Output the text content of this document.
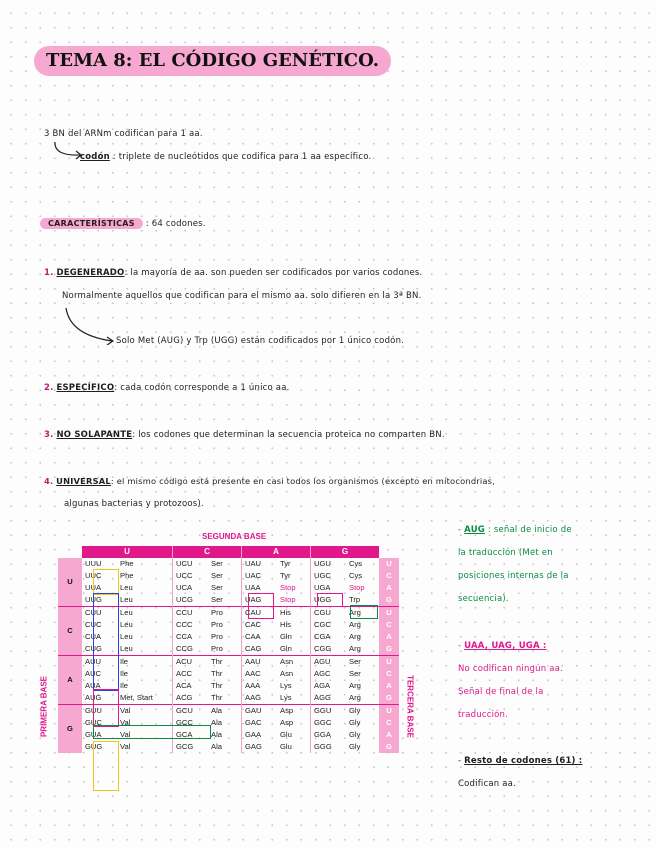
TEMA 8: EL CÓDIGO GENÉTICO.
3 BN del ARNm codifican para 1 aa.
codón : triplete de nucleótidos que codifica para 1 aa específico.
CARACTERÍSTICAS : 64 codones.
1. DEGENERADO: la mayoría de aa. son pueden ser codificados por varios codones.
Normalmente aquellos que codifican para el mismo aa. solo difieren en la 3ª BN.
Solo Met (AUG) y Trp (UGG) están codificados por 1 único codón.
2. ESPECÍFICO: cada codón corresponde a 1 único aa.
3. NO SOLAPANTE: los codones que determinan la secuencia proteica no comparten BN.
4. UNIVERSAL: el mismo código está presente en casi todos los organismos (excepto en mitocondrias,
algunas bacterias y protozoos).
SEGUNDA BASE
PRIMERA BASE	TERCERA BASE
	U		C		A		G		
U	UUU	Phe	UCU	Ser	UAU	Tyr	UGU	Cys	U
	UUC	Phe	UCC	Ser	UAC	Tyr	UGC	Cys	C
	UUA	Leu	UCA	Ser	UAA	Stop	UGA	Stop	A
	UUG	Leu	UCG	Ser	UAG	Stop	UGG	Trp	G
C	CUU	Leu	CCU	Pro	CAU	His	CGU	Arg	U
	CUC	Leu	CCC	Pro	CAC	His	CGC	Arg	C
	CUA	Leu	CCA	Pro	CAA	Gln	CGA	Arg	A
	CUG	Leu	CCG	Pro	CAG	Gln	CGG	Arg	G
A	AUU	Ile	ACU	Thr	AAU	Asn	AGU	Ser	U
	AUC	Ile	ACC	Thr	AAC	Asn	AGC	Ser	C
	AUA	Ile	ACA	Thr	AAA	Lys	AGA	Arg	A
	AUG	Met, Start	ACG	Thr	AAG	Lys	AGG	Arg	G
G	GUU	Val	GCU	Ala	GAU	Asp	GGU	Gly	U
	GUC	Val	GCC	Ala	GAC	Asp	GGC	Gly	C
	GUA	Val	GCA	Ala	GAA	Glu	GGA	Gly	A
	GUG	Val	GCG	Ala	GAG	Glu	GGG	Gly	G
- AUG : señal de inicio de
la traducción (Met en
posiciones internas de la
secuencia).
- UAA, UAG, UGA :
No codifican ningún aa.
Señal de final de la
traducción.
- Resto de codones (61) :
Codifican aa.
